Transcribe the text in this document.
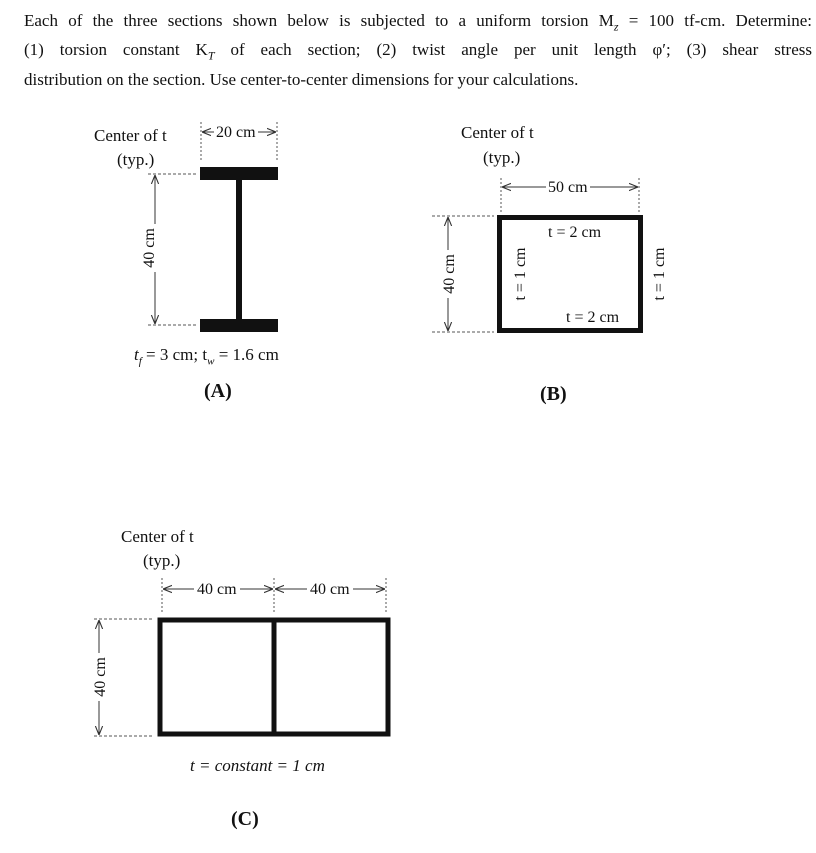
Each of the three sections shown below is subjected to a uniform torsion $M_z = 100$ tf-cm. Determine:
(1) torsion constant $K_T$ of each section; (2) twist angle per unit length φ′; (3) shear stress
distribution on the section. Use center-to-center dimensions for your calculations.
Center of t
(typ.)
20 cm
40 cm
$t_f = 3$ cm; $t_w = 1.6$ cm
(A)
Center of t
(typ.)
50 cm
40 cm
t = 2 cm
t = 2 cm
t = 1 cm	t = 1 cm
(B)
Center of t
(typ.)
40 cm	40 cm
40 cm
t = constant = 1 cm
(C)
